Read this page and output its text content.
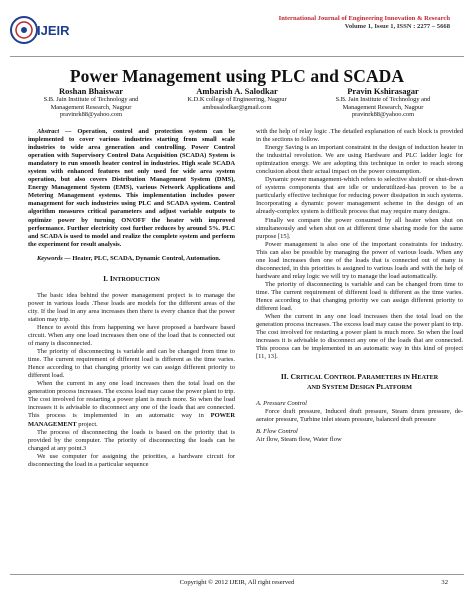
IJEIR
International Journal of Engineering Innovation & Research
Volume 1, Issue 1, ISSN : 2277 – 5668
Power Management using PLC and SCADA
Roshan Bhaiswar
S.B. Jain Institute of Technology and
Management Research, Nagpur
pravinrk88@yahoo.com
Ambarish A. Salodkar
K.D.K college of Engineering, Nagpur
ambusalodkar@gmail.com
Pravin Kshirasagar
S.B. Jain Institute of Technology and
Management Research, Nagpur
pravinrk88@yahoo.com

Abstract — Operation, control and protection system can be implemented to cover various industries starting from small scale industries to wide area generation and controlling. Power Control operation with Supervisory Control Data Acquisition (SCADA) System is mandatory to run smooth heater control in industries. High scale SCADA system with enhanced features not only used for wide area system operation, but also covers Distribution Management System (DMS), Energy Management System (EMS), various Network Applications and Metering Management systems. This implementation includes power management for such industries using PLC and SCADA system. Control algorithm measures critical parameters and adjust variable outputs to optimize power by turning ON/OFF the heater with improved performance. Further electricity cost further reduces by around 5%. PLC and SCADA is used to model and realize the complete system and perform the experiment for result analysis.

Keywords — Heater, PLC, SCADA, Dynamic Control, Automation.

I. INTRODUCTION

The basic idea behind the power management project is to manage the power in various loads .These loads are models for the different areas of the city. If the load in any area increases then there is every chance that the power station may trip.

Hence to avoid this from happening we have proposed a hardware based circuit. When any one load increases then one of the load that is connected out of many is disconnected.

The priority of disconnecting is variable and can be changed from time to time. The current requirement of different load is different as the time varies. Hence according to that changing priority we can assign different priority to different load.

When the current in any one load increases then the total load on the generation process increases. The excess load may cause the power plant to trip. The cost involved for restarting a power plant is much more. So when the load increases it is advisable to disconnect any one of the loads that are connected. This process is implemented in an automatic way in POWER MANAGEMENT project.

The process of disconnecting the loads is based on the priority that is provided by the computer. The priority of disconnecting the loads can be changed at any point.3

We use computer for assigning the priorities, a hardware circuit for disconnecting the load in a particular sequence

with the help of relay logic .The detailed explanation of each block is provided in the sections to follow.

Energy Saving is an important constraint in the design of induction heater in the industrial revolution. We are using Hardware and PLC ladder logic for optimization energy. We are adopting this technique in order to reach strong conclusion about their actual impact on the power consumption.

Dynamic power management-which refers to selective shutoff or shut-down of systems components that are idle or underutilized-has proven to be a particularly effective technique for reducing power dissipation in such systems. Incorporating a dynamic power management scheme in the design of an already-complex system is difficult process that may require many designs.

Finally we compare the power consumed by all heater when shut on simultaneously and when shut on at different time sharing mode for the same purpose [15].

Power management is also one of the important constraints for industry. This can also be possible by managing the power of various loads. When any one load increases then one of the loads that is connected out of many is disconnected, in this priorities is assigned to various loads and with the help of hardware and relay logic we will try to manage the load automatically.

The priority of disconnecting is variable and can be changed from time to time. The current requirement of different load is different as the time varies. Hence according to that changing priority we can assign different priority to different load.

When the current in any one load increases then the total load on the generation process increases. The excess load may cause the power plant to trip. The cost involved for restarting a power plant is much more. So when the load increases it is advisable to disconnect any one of the loads that are connected. This process can be implemented in an automatic way in this kind of project [11, 13].

II. CRITICAL CONTROL PARAMETERS IN HEATER
AND SYSTEM DESIGN PLATFORM

A. Pressure Control

Force draft pressure, Induced draft pressure, Steam drum pressure, de-aerator pressure, Turbine inlet steam pressure, balanced draft pressure

B. Flow Control

Air flow, Steam flow, Water flow

Copyright © 2012 IJEIR, All right reserved	32
